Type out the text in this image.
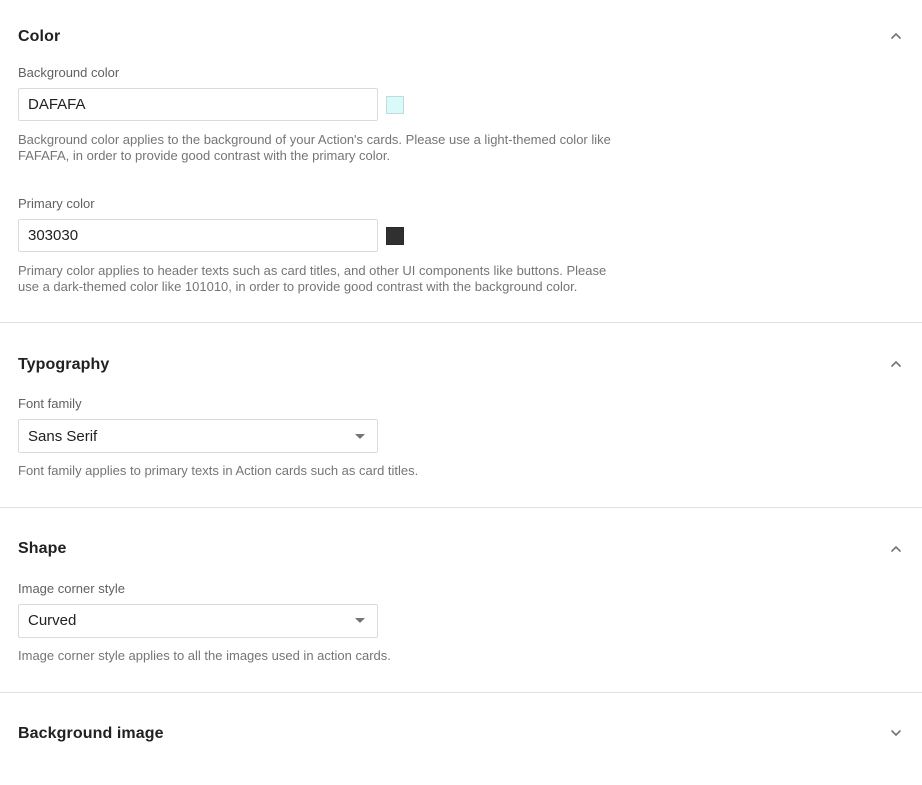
Color
Background color
DAFAFA
Background color applies to the background of your Action's cards. Please use a light-themed color like FAFAFA, in order to provide good contrast with the primary color.
Primary color
303030
Primary color applies to header texts such as card titles, and other UI components like buttons. Please use a dark-themed color like 101010, in order to provide good contrast with the background color.
Typography
Font family
Sans Serif
Font family applies to primary texts in Action cards such as card titles.
Shape
Image corner style
Curved
Image corner style applies to all the images used in action cards.
Background image
